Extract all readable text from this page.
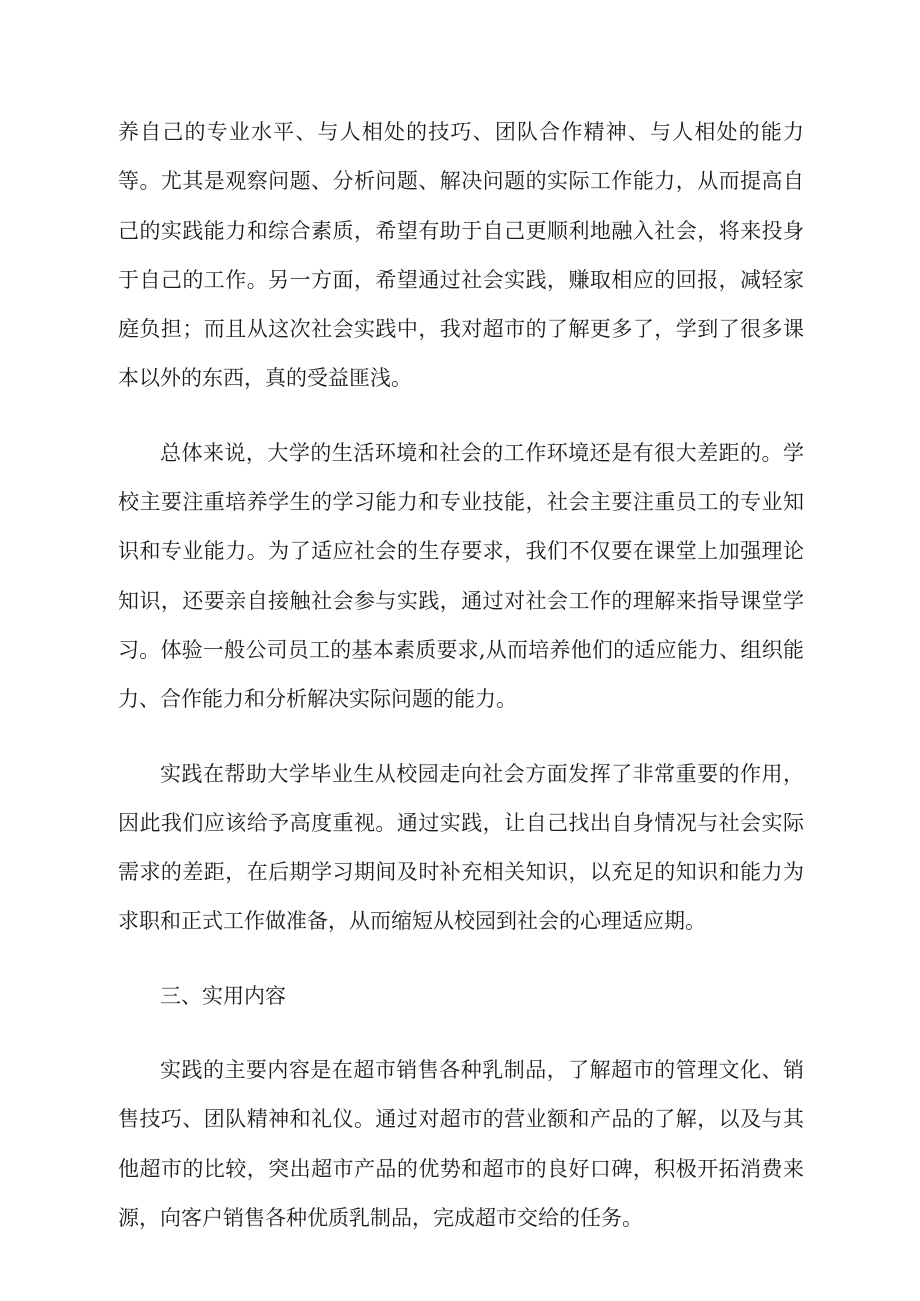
养自己的专业水平、与人相处的技巧、团队合作精神、与人相处的能力等。尤其是观察问题、分析问题、解决问题的实际工作能力，从而提高自己的实践能力和综合素质，希望有助于自己更顺利地融入社会，将来投身于自己的工作。另一方面，希望通过社会实践，赚取相应的回报，减轻家庭负担；而且从这次社会实践中，我对超市的了解更多了，学到了很多课本以外的东西，真的受益匪浅。

总体来说，大学的生活环境和社会的工作环境还是有很大差距的。学校主要注重培养学生的学习能力和专业技能，社会主要注重员工的专业知识和专业能力。为了适应社会的生存要求，我们不仅要在课堂上加强理论知识，还要亲自接触社会参与实践，通过对社会工作的理解来指导课堂学习。体验一般公司员工的基本素质要求,从而培养他们的适应能力、组织能力、合作能力和分析解决实际问题的能力。

实践在帮助大学毕业生从校园走向社会方面发挥了非常重要的作用，因此我们应该给予高度重视。通过实践，让自己找出自身情况与社会实际需求的差距，在后期学习期间及时补充相关知识，以充足的知识和能力为求职和正式工作做准备，从而缩短从校园到社会的心理适应期。

三、实用内容

实践的主要内容是在超市销售各种乳制品，了解超市的管理文化、销售技巧、团队精神和礼仪。通过对超市的营业额和产品的了解，以及与其他超市的比较，突出超市产品的优势和超市的良好口碑，积极开拓消费来源，向客户销售各种优质乳制品，完成超市交给的任务。
